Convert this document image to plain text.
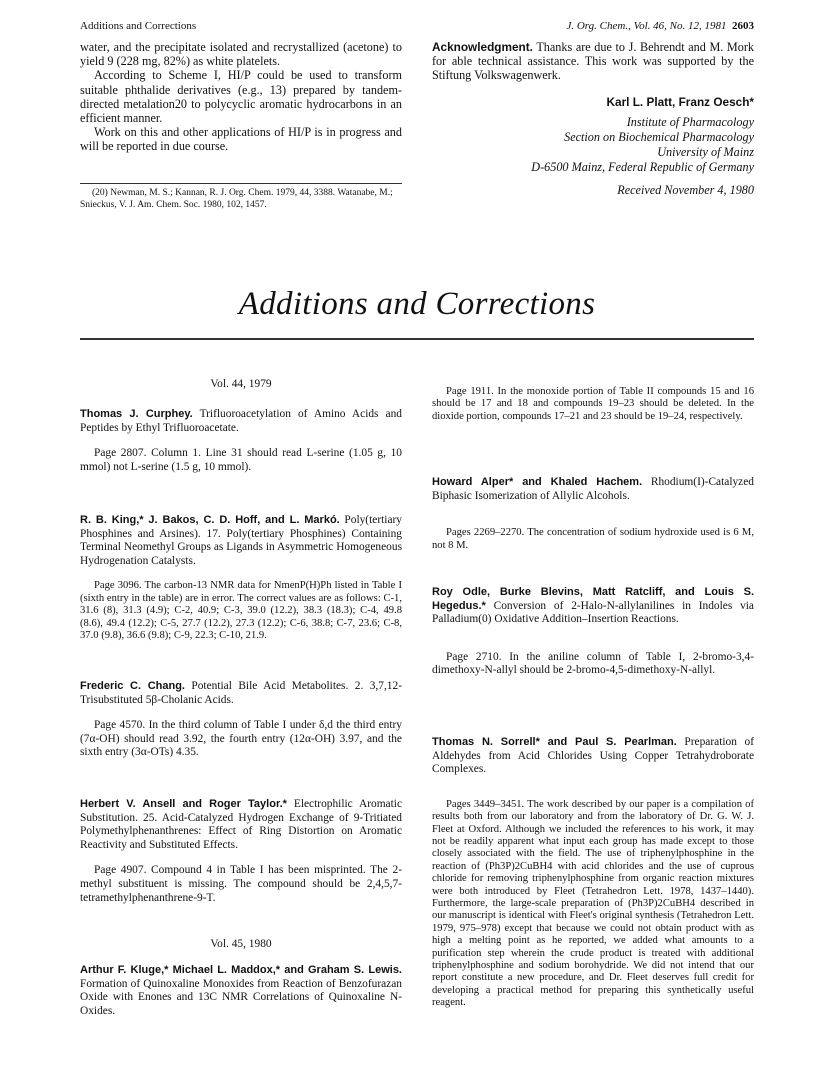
Additions and Corrections	J. Org. Chem., Vol. 46, No. 12, 1981 2603

water, and the precipitate isolated and recrystallized (acetone) to yield 9 (228 mg, 82%) as white platelets.

According to Scheme I, HI/P could be used to transform suitable phthalide derivatives (e.g., 13) prepared by tandem-directed metalation20 to polycyclic aromatic hydrocarbons in an efficient manner.

Work on this and other applications of HI/P is in progress and will be reported in due course.

(20) Newman, M. S.; Kannan, R. J. Org. Chem. 1979, 44, 3388. Watanabe, M.; Snieckus, V. J. Am. Chem. Soc. 1980, 102, 1457.

Acknowledgment. Thanks are due to J. Behrendt and M. Mork for able technical assistance. This work was supported by the Stiftung Volkswagenwerk.

Karl L. Platt, Franz Oesch*
Institute of Pharmacology
Section on Biochemical Pharmacology
University of Mainz
D-6500 Mainz, Federal Republic of Germany
Received November 4, 1980
Additions and Corrections
Vol. 44, 1979

Thomas J. Curphey. Trifluoroacetylation of Amino Acids and Peptides by Ethyl Trifluoroacetate.

Page 2807. Column 1. Line 31 should read L-serine (1.05 g, 10 mmol) not L-serine (1.5 g, 10 mmol).

R. B. King,* J. Bakos, C. D. Hoff, and L. Markó. Poly(tertiary Phosphines and Arsines). 17. Poly(tertiary Phosphines) Containing Terminal Neomethyl Groups as Ligands in Asymmetric Homogeneous Hydrogenation Catalysts.

Page 3096. The carbon-13 NMR data for NmenP(H)Ph listed in Table I (sixth entry in the table) are in error. The correct values are as follows: C-1, 31.6 (8), 31.3 (4.9); C-2, 40.9; C-3, 39.0 (12.2), 38.3 (18.3); C-4, 49.8 (8.6), 49.4 (12.2); C-5, 27.7 (12.2), 27.3 (12.2); C-6, 38.8; C-7, 23.6; C-8, 37.0 (9.8), 36.6 (9.8); C-9, 22.3; C-10, 21.9.

Frederic C. Chang. Potential Bile Acid Metabolites. 2. 3,7,12-Trisubstituted 5β-Cholanic Acids.

Page 4570. In the third column of Table I under δ,d the third entry (7α-OH) should read 3.92, the fourth entry (12α-OH) 3.97, and the sixth entry (3α-OTs) 4.35.

Herbert V. Ansell and Roger Taylor.* Electrophilic Aromatic Substitution. 25. Acid-Catalyzed Hydrogen Exchange of 9-Tritiated Polymethylphenanthrenes: Effect of Ring Distortion on Aromatic Reactivity and Substituted Effects.

Page 4907. Compound 4 in Table I has been misprinted. The 2-methyl substituent is missing. The compound should be 2,4,5,7-tetramethylphenanthrene-9-T.

Vol. 45, 1980

Arthur F. Kluge,* Michael L. Maddox,* and Graham S. Lewis. Formation of Quinoxaline Monoxides from Reaction of Benzofurazan Oxide with Enones and 13C NMR Correlations of Quinoxaline N-Oxides.

Page 1911. In the monoxide portion of Table II compounds 15 and 16 should be 17 and 18 and compounds 19–23 should be deleted. In the dioxide portion, compounds 17–21 and 23 should be 19–24, respectively.

Howard Alper* and Khaled Hachem. Rhodium(I)-Catalyzed Biphasic Isomerization of Allylic Alcohols.

Pages 2269–2270. The concentration of sodium hydroxide used is 6 M, not 8 M.

Roy Odle, Burke Blevins, Matt Ratcliff, and Louis S. Hegedus.* Conversion of 2-Halo-N-allylanilines in Indoles via Palladium(0) Oxidative Addition–Insertion Reactions.

Page 2710. In the aniline column of Table I, 2-bromo-3,4-dimethoxy-N-allyl should be 2-bromo-4,5-dimethoxy-N-allyl.

Thomas N. Sorrell* and Paul S. Pearlman. Preparation of Aldehydes from Acid Chlorides Using Copper Tetrahydroborate Complexes.

Pages 3449–3451. The work described by our paper is a compilation of results both from our laboratory and from the laboratory of Dr. G. W. J. Fleet at Oxford. Although we included the references to his work, it may not be readily apparent what input each group has made except to those closely associated with the field. The use of triphenylphosphine in the reaction of (Ph3P)2CuBH4 with acid chlorides and the use of cuprous chloride for removing triphenylphosphine from organic reaction mixtures were both introduced by Fleet (Tetrahedron Lett. 1978, 1437–1440). Furthermore, the large-scale preparation of (Ph3P)2CuBH4 described in our manuscript is identical with Fleet's original synthesis (Tetrahedron Lett. 1979, 975–978) except that because we could not obtain product with as high a melting point as he reported, we added what amounts to a purification step wherein the crude product is treated with additional triphenylphosphine and sodium borohydride. We did not intend that our report constitute a new procedure, and Dr. Fleet deserves full credit for developing a practical method for preparing this synthetically useful reagent.
